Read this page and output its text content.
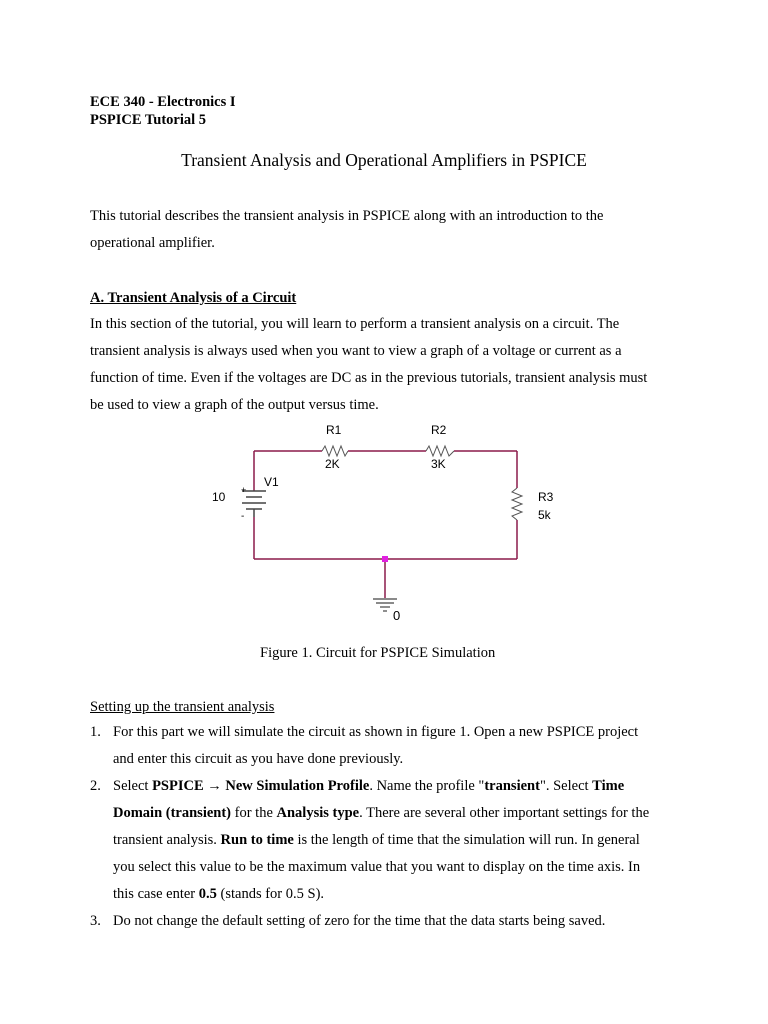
ECE 340 - Electronics I
PSPICE Tutorial 5
Transient Analysis and Operational Amplifiers in PSPICE
This tutorial describes the transient analysis in PSPICE along with an introduction to the
operational amplifier.
A. Transient Analysis of a Circuit
In this section of the tutorial, you will learn to perform a transient analysis on a circuit. The
transient analysis is always used when you want to view a graph of a voltage or current as a
function of time. Even if the voltages are DC as in the previous tutorials, transient analysis must
be used to view a graph of the output versus time.
R1
2K
R2
3K
R3
5k
V1
10 +
-
0
Figure 1. Circuit for PSPICE Simulation
Setting up the transient analysis
1. For this part we will simulate the circuit as shown in figure 1. Open a new PSPICE project
and enter this circuit as you have done previously.
2. Select PSPICE → New Simulation Profile. Name the profile "transient". Select Time
Domain (transient) for the Analysis type. There are several other important settings for the
transient analysis. Run to time is the length of time that the simulation will run. In general
you select this value to be the maximum value that you want to display on the time axis. In
this case enter 0.5 (stands for 0.5 S).
3. Do not change the default setting of zero for the time that the data starts being saved.
